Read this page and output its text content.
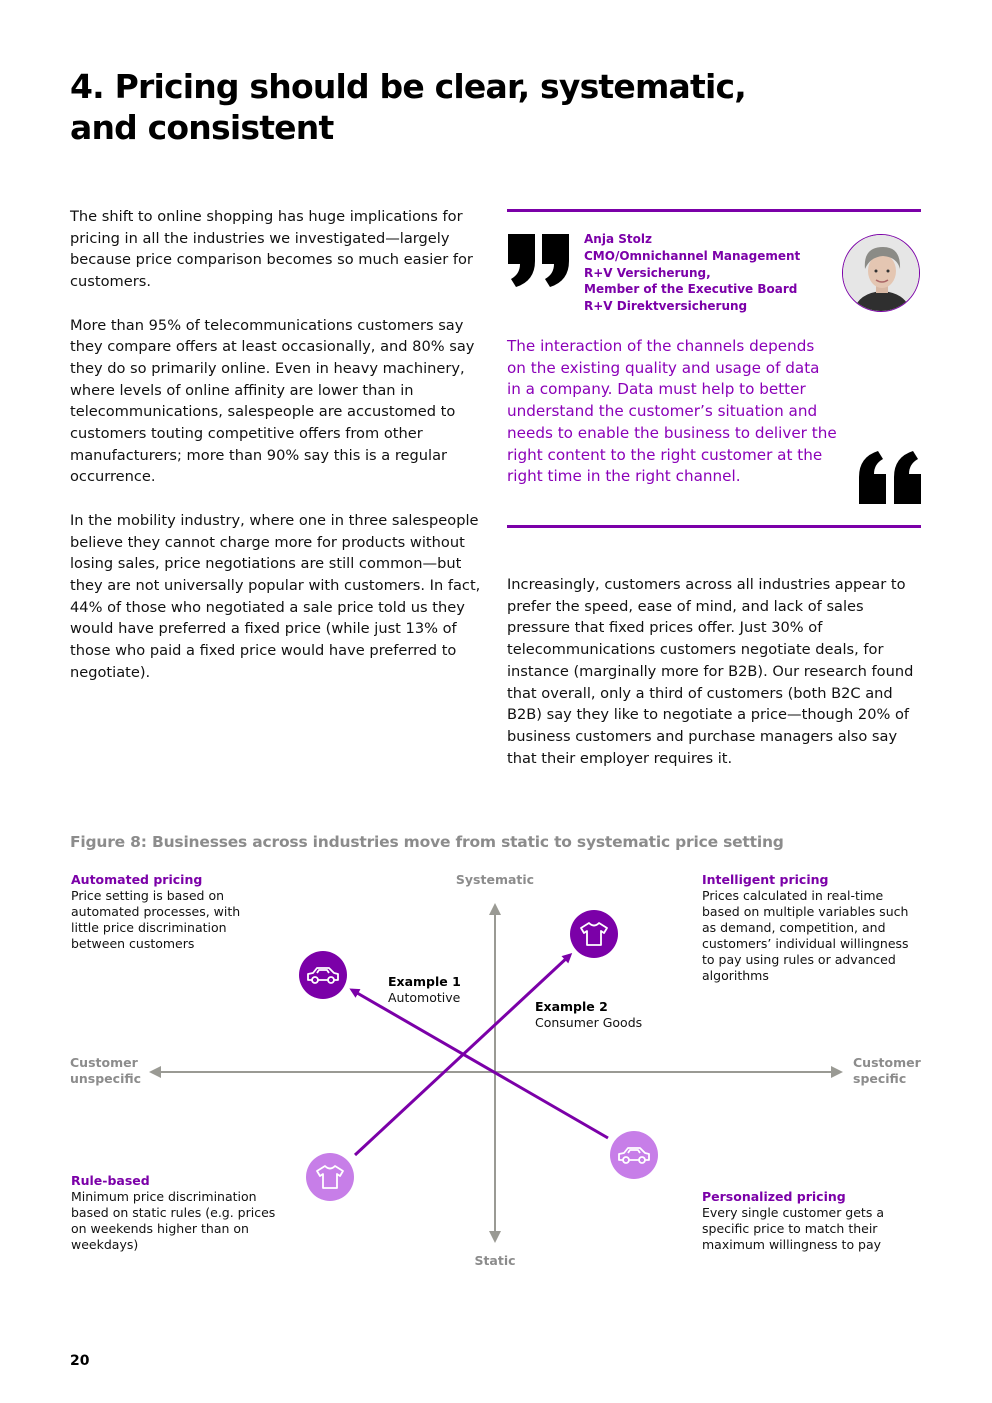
4. Pricing should be clear, systematic,
and consistent

The shift to online shopping has huge implications for pricing in all the industries we investigated—largely because price comparison becomes so much easier for customers.

More than 95% of telecommunications customers say they compare offers at least occasionally, and 80% say they do so primarily online. Even in heavy machinery, where levels of online affinity are lower than in telecommunications, salespeople are accustomed to customers touting competitive offers from other manufacturers; more than 90% say this is a regular occurrence.

In the mobility industry, where one in three salespeople believe they cannot charge more for products without losing sales, price negotiations are still common—but they are not universally popular with customers. In fact, 44% of those who negotiated a sale price told us they would have preferred a fixed price (while just 13% of those who paid a fixed price would have preferred to negotiate).

Anja Stolz
CMO/Omnichannel Management
R+V Versicherung,
Member of the Executive Board
R+V Direktversicherung
The interaction of the channels depends on the existing quality and usage of data in a company. Data must help to better understand the customer’s situation and needs to enable the business to deliver the right content to the right customer at the right time in the right channel.
Increasingly, customers across all industries appear to prefer the speed, ease of mind, and lack of sales pressure that fixed prices offer. Just 30% of telecommunications customers negotiate deals, for instance (marginally more for B2B). Our research found that overall, only a third of customers (both B2C and B2B) say they like to negotiate a price—though 20% of business customers and purchase managers also say that their employer requires it.
Figure 8: Businesses across industries move from static to systematic price setting
Systematic
Static
Customer
unspecific
Customer
specific
Automated pricing
Price setting is based on automated processes, with little price discrimination between customers
Intelligent pricing
Prices calculated in real-time based on multiple variables such as demand, competition, and customers’ individual willingness to pay using rules or advanced algorithms
Rule-based
Minimum price discrimination based on static rules (e.g. prices on weekends higher than on weekdays)
Personalized pricing
Every single customer gets a specific price to match their maximum willingness to pay
Example 1
Automotive
Example 2
Consumer Goods
20
